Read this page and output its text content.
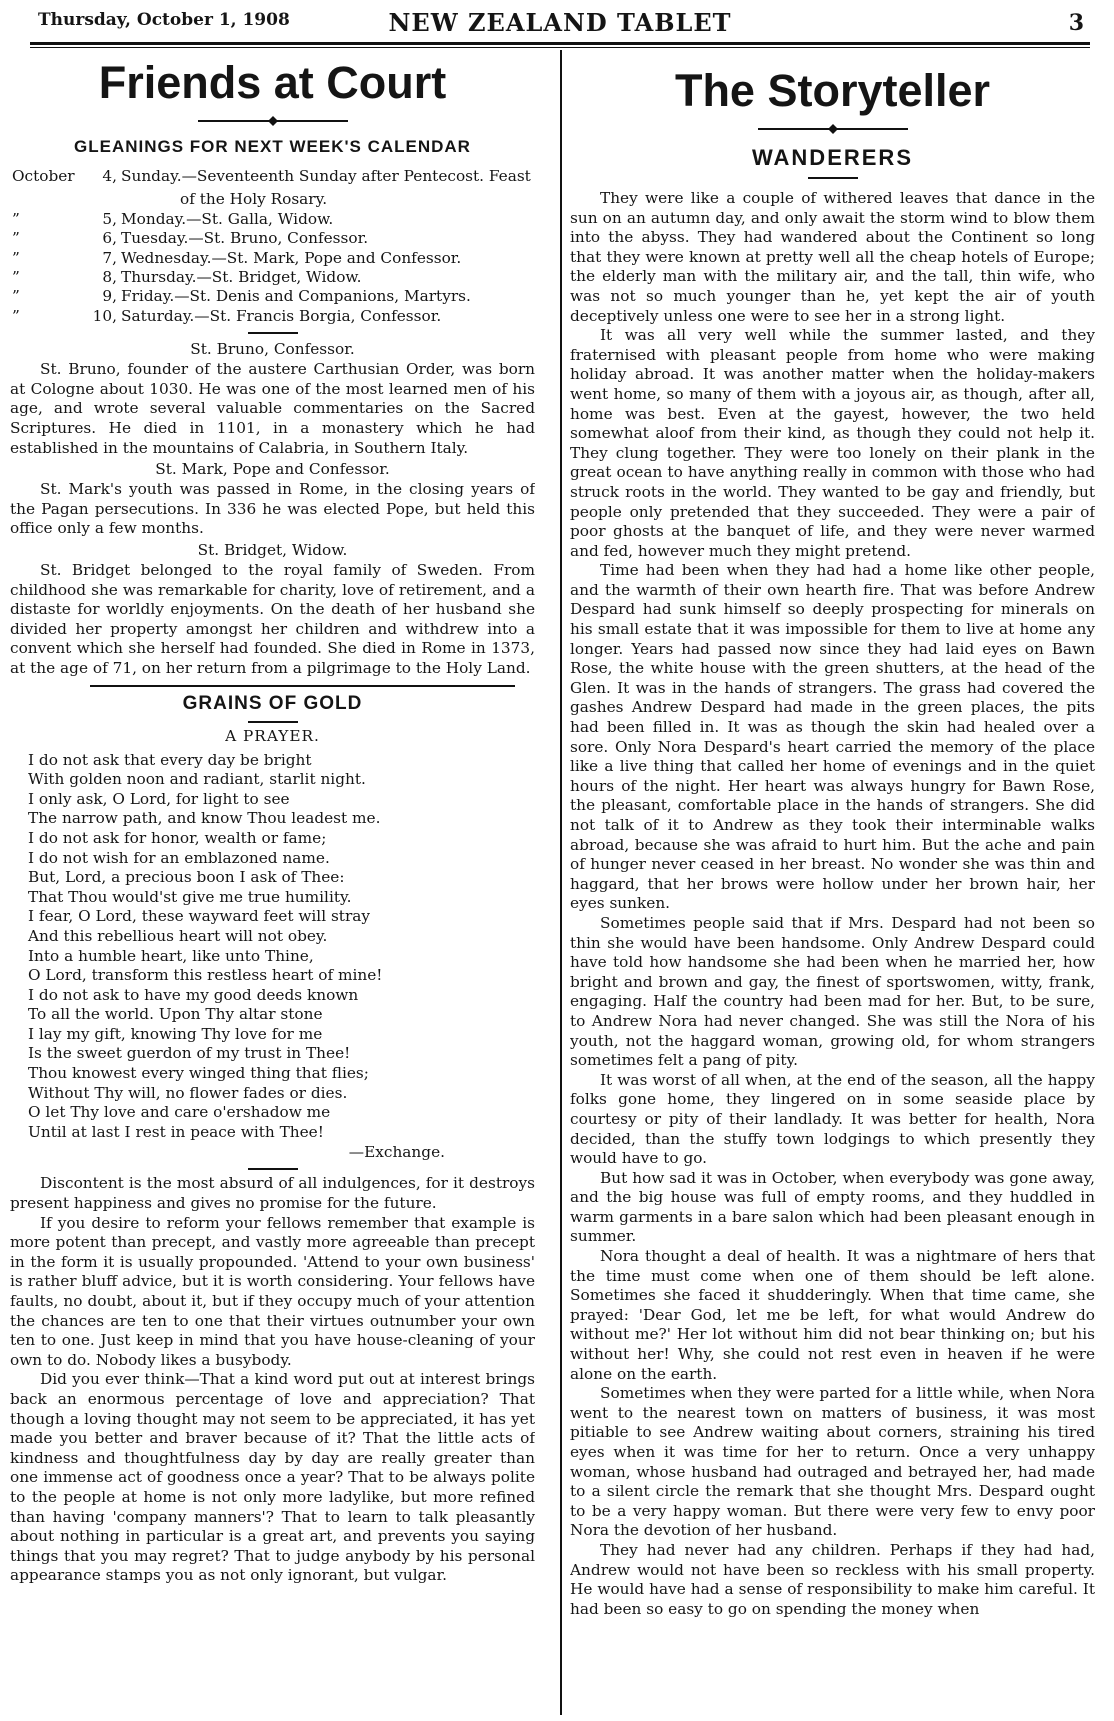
Thursday, October 1, 1908	NEW ZEALAND TABLET	3
Friends at Court
GLEANINGS FOR NEXT WEEK'S CALENDAR
October	4,	Sunday.—Seventeenth Sunday after Pentecost. Feast
of the Holy Rosary.
”	5,	Monday.—St. Galla, Widow.
”	6,	Tuesday.—St. Bruno, Confessor.
”	7,	Wednesday.—St. Mark, Pope and Confessor.
”	8,	Thursday.—St. Bridget, Widow.
”	9,	Friday.—St. Denis and Companions, Martyrs.
”	10,	Saturday.—St. Francis Borgia, Confessor.
St. Bruno, Confessor.

St. Bruno, founder of the austere Carthusian Order, was born at Cologne about 1030. He was one of the most learned men of his age, and wrote several valuable commentaries on the Sacred Scriptures. He died in 1101, in a monastery which he had established in the mountains of Calabria, in Southern Italy.

St. Mark, Pope and Confessor.

St. Mark's youth was passed in Rome, in the closing years of the Pagan persecutions. In 336 he was elected Pope, but held this office only a few months.

St. Bridget, Widow.

St. Bridget belonged to the royal family of Sweden. From childhood she was remarkable for charity, love of retirement, and a distaste for worldly enjoyments. On the death of her husband she divided her property amongst her children and withdrew into a convent which she herself had founded. She died in Rome in 1373, at the age of 71, on her return from a pilgrimage to the Holy Land.

GRAINS OF GOLD
A PRAYER.
I do not ask that every day be bright
With golden noon and radiant, starlit night.
I only ask, O Lord, for light to see
The narrow path, and know Thou leadest me.
I do not ask for honor, wealth or fame;
I do not wish for an emblazoned name.
But, Lord, a precious boon I ask of Thee:
That Thou would'st give me true humility.
I fear, O Lord, these wayward feet will stray
And this rebellious heart will not obey.
Into a humble heart, like unto Thine,
O Lord, transform this restless heart of mine!
I do not ask to have my good deeds known
To all the world. Upon Thy altar stone
I lay my gift, knowing Thy love for me
Is the sweet guerdon of my trust in Thee!
Thou knowest every winged thing that flies;
Without Thy will, no flower fades or dies.
O let Thy love and care o'ershadow me
Until at last I rest in peace with Thee!
—Exchange.

Discontent is the most absurd of all indulgences, for it destroys present happiness and gives no promise for the future.

If you desire to reform your fellows remember that example is more potent than precept, and vastly more agreeable than precept in the form it is usually propounded. 'Attend to your own business' is rather bluff advice, but it is worth considering. Your fellows have faults, no doubt, about it, but if they occupy much of your attention the chances are ten to one that their virtues outnumber your own ten to one. Just keep in mind that you have house-cleaning of your own to do. Nobody likes a busybody.

Did you ever think—That a kind word put out at interest brings back an enormous percentage of love and appreciation? That though a loving thought may not seem to be appreciated, it has yet made you better and braver because of it? That the little acts of kindness and thoughtfulness day by day are really greater than one immense act of goodness once a year? That to be always polite to the people at home is not only more ladylike, but more refined than having 'company manners'? That to learn to talk pleasantly about nothing in particular is a great art, and prevents you saying things that you may regret? That to judge anybody by his personal appearance stamps you as not only ignorant, but vulgar.

The Storyteller
WANDERERS

They were like a couple of withered leaves that dance in the sun on an autumn day, and only await the storm wind to blow them into the abyss. They had wandered about the Continent so long that they were known at pretty well all the cheap hotels of Europe; the elderly man with the military air, and the tall, thin wife, who was not so much younger than he, yet kept the air of youth deceptively unless one were to see her in a strong light.

It was all very well while the summer lasted, and they fraternised with pleasant people from home who were making holiday abroad. It was another matter when the holiday-makers went home, so many of them with a joyous air, as though, after all, home was best. Even at the gayest, however, the two held somewhat aloof from their kind, as though they could not help it. They clung together. They were too lonely on their plank in the great ocean to have anything really in common with those who had struck roots in the world. They wanted to be gay and friendly, but people only pretended that they succeeded. They were a pair of poor ghosts at the banquet of life, and they were never warmed and fed, however much they might pretend.

Time had been when they had had a home like other people, and the warmth of their own hearth fire. That was before Andrew Despard had sunk himself so deeply prospecting for minerals on his small estate that it was impossible for them to live at home any longer. Years had passed now since they had laid eyes on Bawn Rose, the white house with the green shutters, at the head of the Glen. It was in the hands of strangers. The grass had covered the gashes Andrew Despard had made in the green places, the pits had been filled in. It was as though the skin had healed over a sore. Only Nora Despard's heart carried the memory of the place like a live thing that called her home of evenings and in the quiet hours of the night. Her heart was always hungry for Bawn Rose, the pleasant, comfortable place in the hands of strangers. She did not talk of it to Andrew as they took their interminable walks abroad, because she was afraid to hurt him. But the ache and pain of hunger never ceased in her breast. No wonder she was thin and haggard, that her brows were hollow under her brown hair, her eyes sunken.

Sometimes people said that if Mrs. Despard had not been so thin she would have been handsome. Only Andrew Despard could have told how handsome she had been when he married her, how bright and brown and gay, the finest of sportswomen, witty, frank, engaging. Half the country had been mad for her. But, to be sure, to Andrew Nora had never changed. She was still the Nora of his youth, not the haggard woman, growing old, for whom strangers sometimes felt a pang of pity.

It was worst of all when, at the end of the season, all the happy folks gone home, they lingered on in some seaside place by courtesy or pity of their landlady. It was better for health, Nora decided, than the stuffy town lodgings to which presently they would have to go.

But how sad it was in October, when everybody was gone away, and the big house was full of empty rooms, and they huddled in warm garments in a bare salon which had been pleasant enough in summer.

Nora thought a deal of health. It was a nightmare of hers that the time must come when one of them should be left alone. Sometimes she faced it shudderingly. When that time came, she prayed: 'Dear God, let me be left, for what would Andrew do without me?' Her lot without him did not bear thinking on; but his without her! Why, she could not rest even in heaven if he were alone on the earth.

Sometimes when they were parted for a little while, when Nora went to the nearest town on matters of business, it was most pitiable to see Andrew waiting about corners, straining his tired eyes when it was time for her to return. Once a very unhappy woman, whose husband had outraged and betrayed her, had made to a silent circle the remark that she thought Mrs. Despard ought to be a very happy woman. But there were very few to envy poor Nora the devotion of her husband.

They had never had any children. Perhaps if they had had, Andrew would not have been so reckless with his small property. He would have had a sense of responsibility to make him careful. It had been so easy to go on spending the money when
